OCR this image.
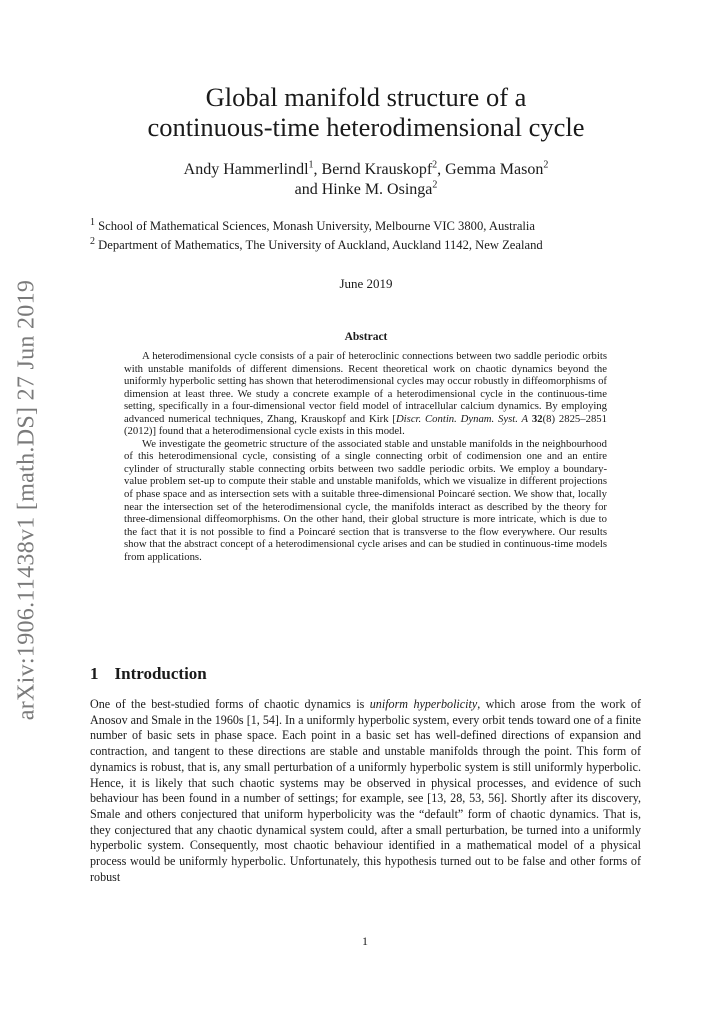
arXiv:1906.11438v1 [math.DS] 27 Jun 2019
Global manifold structure of a
continuous-time heterodimensional cycle
Andy Hammerlindl$^1$, Bernd Krauskopf$^2$, Gemma Mason$^2$
and Hinke M. Osinga$^2$
$^1$ School of Mathematical Sciences, Monash University, Melbourne VIC 3800, Australia
$^2$ Department of Mathematics, The University of Auckland, Auckland 1142, New Zealand
June 2019
Abstract

A heterodimensional cycle consists of a pair of heteroclinic connections between two saddle periodic orbits with unstable manifolds of different dimensions. Recent theoretical work on chaotic dynamics beyond the uniformly hyperbolic setting has shown that heterodimensional cycles may occur robustly in diffeomorphisms of dimension at least three. We study a concrete example of a heterodimensional cycle in the continuous-time setting, specifically in a four-dimensional vector field model of intracellular calcium dynamics. By employing advanced numerical techniques, Zhang, Krauskopf and Kirk [Discr. Contin. Dynam. Syst. A 32(8) 2825–2851 (2012)] found that a heterodimensional cycle exists in this model.

We investigate the geometric structure of the associated stable and unstable manifolds in the neighbourhood of this heterodimensional cycle, consisting of a single connecting orbit of codimension one and an entire cylinder of structurally stable connecting orbits between two saddle periodic orbits. We employ a boundary-value problem set-up to compute their stable and unstable manifolds, which we visualize in different projections of phase space and as intersection sets with a suitable three-dimensional Poincaré section. We show that, locally near the intersection set of the heterodimensional cycle, the manifolds interact as described by the theory for three-dimensional diffeomorphisms. On the other hand, their global structure is more intricate, which is due to the fact that it is not possible to find a Poincaré section that is transverse to the flow everywhere. Our results show that the abstract concept of a heterodimensional cycle arises and can be studied in continuous-time models from applications.

1 Introduction

One of the best-studied forms of chaotic dynamics is uniform hyperbolicity, which arose from the work of Anosov and Smale in the 1960s [1, 54]. In a uniformly hyperbolic system, every orbit tends toward one of a finite number of basic sets in phase space. Each point in a basic set has well-defined directions of expansion and contraction, and tangent to these directions are stable and unstable manifolds through the point. This form of dynamics is robust, that is, any small perturbation of a uniformly hyperbolic system is still uniformly hyperbolic. Hence, it is likely that such chaotic systems may be observed in physical processes, and evidence of such behaviour has been found in a number of settings; for example, see [13, 28, 53, 56]. Shortly after its discovery, Smale and others conjectured that uniform hyperbolicity was the “default” form of chaotic dynamics. That is, they conjectured that any chaotic dynamical system could, after a small perturbation, be turned into a uniformly hyperbolic system. Consequently, most chaotic behaviour identified in a mathematical model of a physical process would be uniformly hyperbolic. Unfortunately, this hypothesis turned out to be false and other forms of robust

1
